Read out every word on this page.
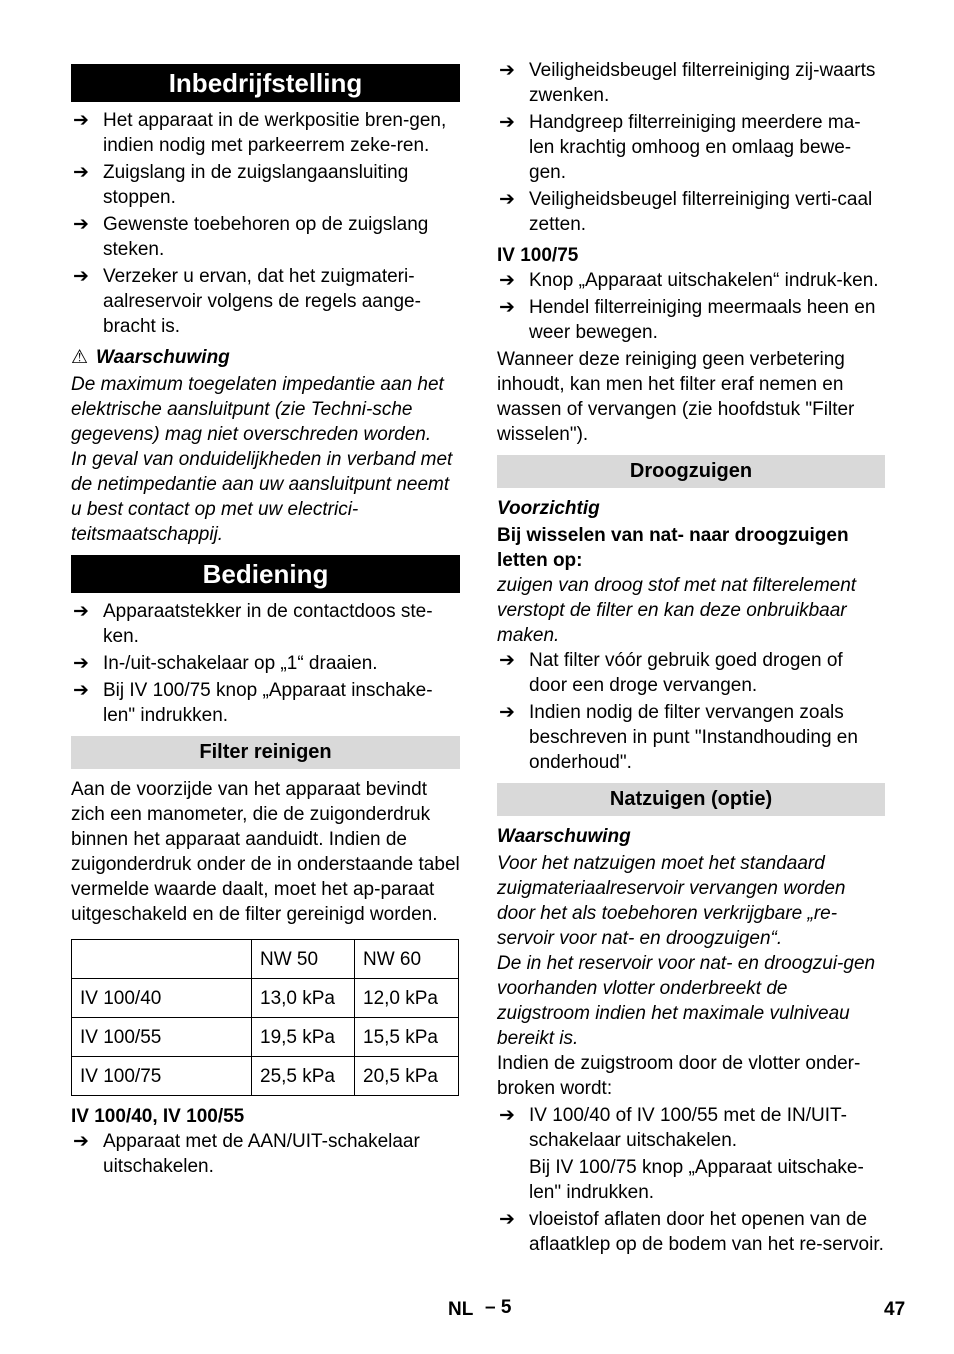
Inbedrijfstelling
➔ Het apparaat in de werkpositie bren-gen, indien nodig met parkeerrem zeke-ren.
➔ Zuigslang in de zuigslangaansluiting stoppen.
➔ Gewenste toebehoren op de zuigslang steken.
➔ Verzeker u ervan, dat het zuigmateri-aalreservoir volgens de regels aange-bracht is.
⚠ Waarschuwing

De maximum toegelaten impedantie aan het elektrische aansluitpunt (zie Techni-sche gegevens) mag niet overschreden worden.

In geval van onduidelijkheden in verband met de netimpedantie aan uw aansluitpunt neemt u best contact op met uw electrici-teitsmaatschappij.

Bediening
➔ Apparaatstekker in de contactdoos ste-ken.
➔ In-/uit-schakelaar op „1“ draaien.
➔ Bij IV 100/75 knop „Apparaat inschake-len" indrukken.
Filter reinigen

Aan de voorzijde van het apparaat bevindt zich een manometer, die de zuigonderdruk binnen het apparaat aanduidt. Indien de zuigonderdruk onder de in onderstaande tabel vermelde waarde daalt, moet het ap-paraat uitgeschakeld en de filter gereinigd worden.

	NW 50	NW 60
IV 100/40	13,0 kPa	12,0 kPa
IV 100/55	19,5 kPa	15,5 kPa
IV 100/75	25,5 kPa	20,5 kPa
IV 100/40, IV 100/55
➔ Apparaat met de AAN/UIT-schakelaar uitschakelen.
➔ Veiligheidsbeugel filterreiniging zij-waarts zwenken.
➔ Handgreep filterreiniging meerdere ma-len krachtig omhoog en omlaag bewe-gen.
➔ Veiligheidsbeugel filterreiniging verti-caal zetten.
IV 100/75
➔ Knop „Apparaat uitschakelen“ indruk-ken.
➔ Hendel filterreiniging meermaals heen en weer bewegen.

Wanneer deze reiniging geen verbetering inhoudt, kan men het filter eraf nemen en wassen of vervangen (zie hoofdstuk "Filter wisselen").

Droogzuigen
Voorzichtig

Bij wisselen van nat- naar droogzuigen letten op:

zuigen van droog stof met nat filterelement verstopt de filter en kan deze onbruikbaar maken.

➔ Nat filter vóór gebruik goed drogen of door een droge vervangen.
➔ Indien nodig de filter vervangen zoals beschreven in punt "Instandhouding en onderhoud".
Natzuigen (optie)
Waarschuwing

Voor het natzuigen moet het standaard zuigmateriaalreservoir vervangen worden door het als toebehoren verkrijgbare „re-servoir voor nat- en droogzuigen“.

De in het reservoir voor nat- en droogzui-gen voorhanden vlotter onderbreekt de zuigstroom indien het maximale vulniveau bereikt is.

Indien de zuigstroom door de vlotter onder-broken wordt:

➔ IV 100/40 of IV 100/55 met de IN/UIT-schakelaar uitschakelen.
Bij IV 100/75 knop „Apparaat uitschake-len" indrukken.
➔ vloeistof aflaten door het openen van de aflaatklep op de bodem van het re-servoir.
NL – 5	47
